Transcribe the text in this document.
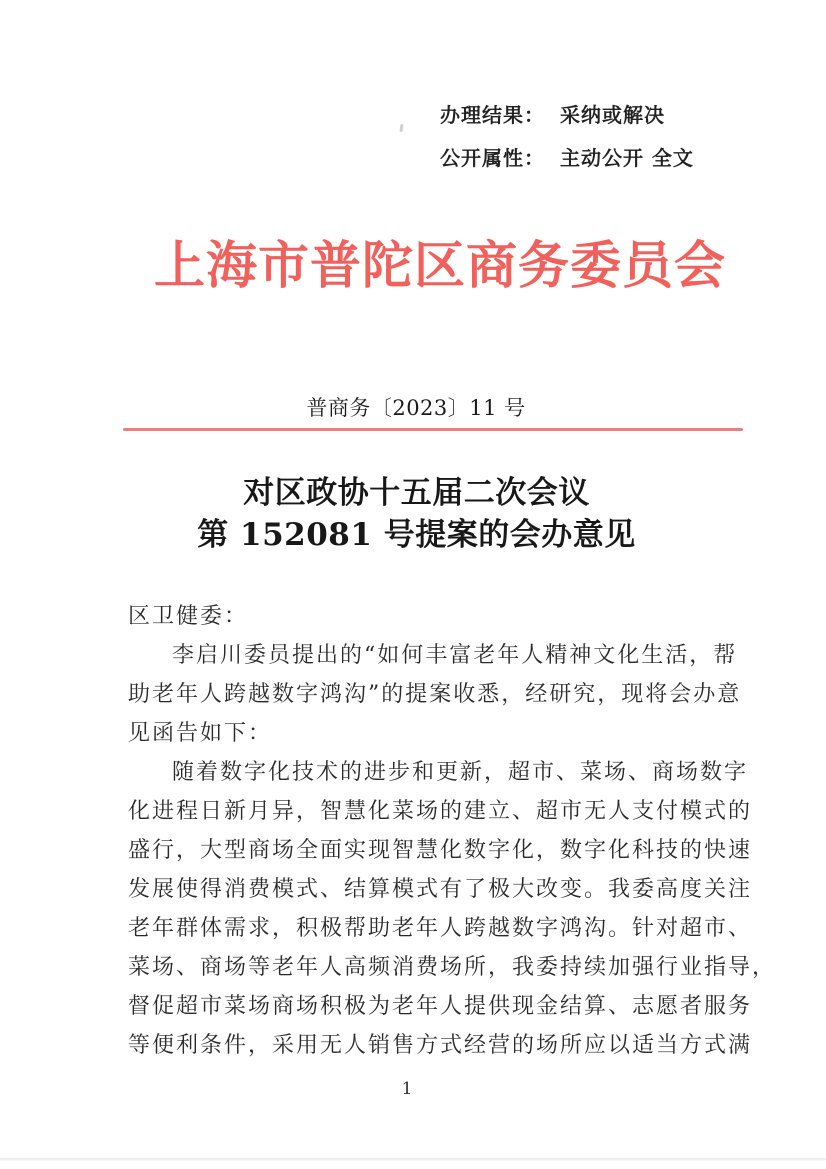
办理结果： 采纳或解决
公开属性： 主动公开 全文
上海市普陀区商务委员会
普商务〔2023〕11 号
对区政协十五届二次会议
第 152081 号提案的会办意见
区卫健委：
李启川委员提出的“如何丰富老年人精神文化生活，帮
助老年人跨越数字鸿沟”的提案收悉，经研究，现将会办意
见函告如下：
随着数字化技术的进步和更新，超市、菜场、商场数字
化进程日新月异，智慧化菜场的建立、超市无人支付模式的
盛行，大型商场全面实现智慧化数字化，数字化科技的快速
发展使得消费模式、结算模式有了极大改变。我委高度关注
老年群体需求，积极帮助老年人跨越数字鸿沟。针对超市、
菜场、商场等老年人高频消费场所，我委持续加强行业指导，
督促超市菜场商场积极为老年人提供现金结算、志愿者服务
等便利条件，采用无人销售方式经营的场所应以适当方式满
1
